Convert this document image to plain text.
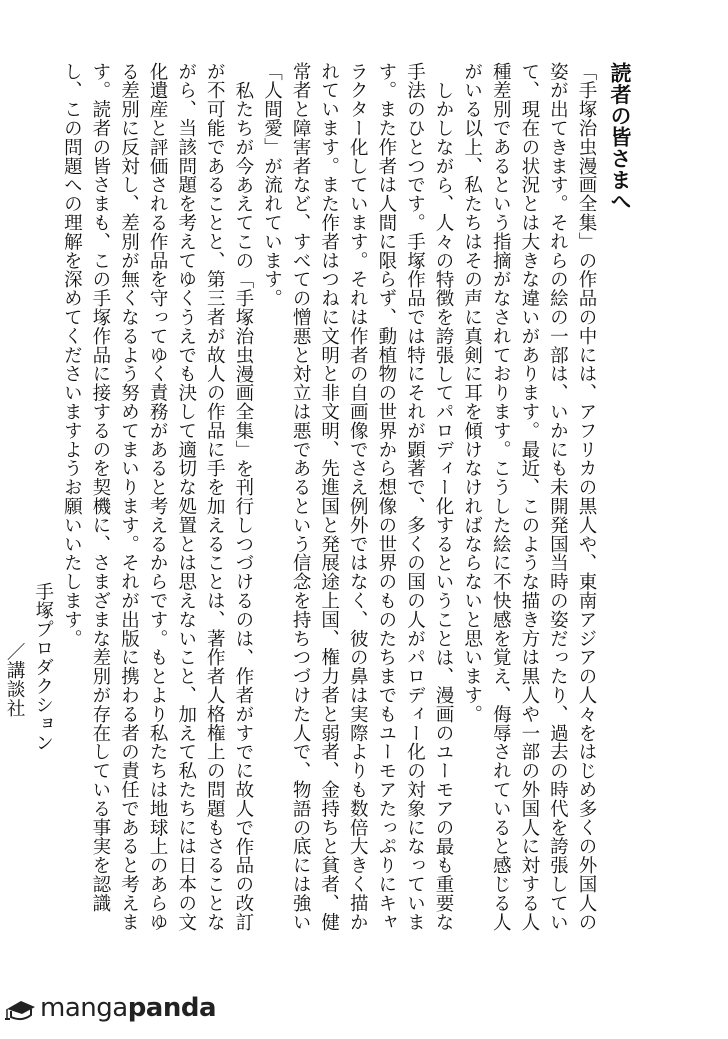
読者の皆さまへ

「手塚治虫漫画全集」の作品の中には、アフリカの黒人や、東南アジアの人々をはじめ多くの外国人の姿が出てきます。それらの絵の一部は、いかにも未開発国当時の姿だったり、過去の時代を誇張していて、現在の状況とは大きな違いがあります。最近、このような描き方は黒人や一部の外国人に対する人種差別であるという指摘がなされております。こうした絵に不快感を覚え、侮辱されていると感じる人がいる以上、私たちはその声に真剣に耳を傾けなければならないと思います。

しかしながら、人々の特徴を誇張してパロディー化するということは、漫画のユーモアの最も重要な手法のひとつです。手塚作品では特にそれが顕著で、多くの国の人がパロディー化の対象になっています。また作者は人間に限らず、動植物の世界から想像の世界のものたちまでもユーモアたっぷりにキャラクター化しています。それは作者の自画像でさえ例外ではなく、彼の鼻は実際よりも数倍大きく描かれています。また作者はつねに文明と非文明、先進国と発展途上国、権力者と弱者、金持ちと貧者、健常者と障害者など、すべての憎悪と対立は悪であるという信念を持ちつづけた人で、物語の底には強い「人間愛」が流れています。

私たちが今あえてこの「手塚治虫漫画全集」を刊行しつづけるのは、作者がすでに故人で作品の改訂が不可能であることと、第三者が故人の作品に手を加えることは、著作者人格権上の問題もさることながら、当該問題を考えてゆくうえでも決して適切な処置とは思えないこと、加えて私たちには日本の文化遺産と評価される作品を守ってゆく責務があると考えるからです。もとより私たちは地球上のあらゆる差別に反対し、差別が無くなるよう努めてまいります。それが出版に携わる者の責任であると考えます。読者の皆さまも、この手塚作品に接するのを契機に、さまざまな差別が存在している事実を認識し、この問題への理解を深めてくださいますようお願いいたします。

手塚プロダクション

／講談社

mangapanda
